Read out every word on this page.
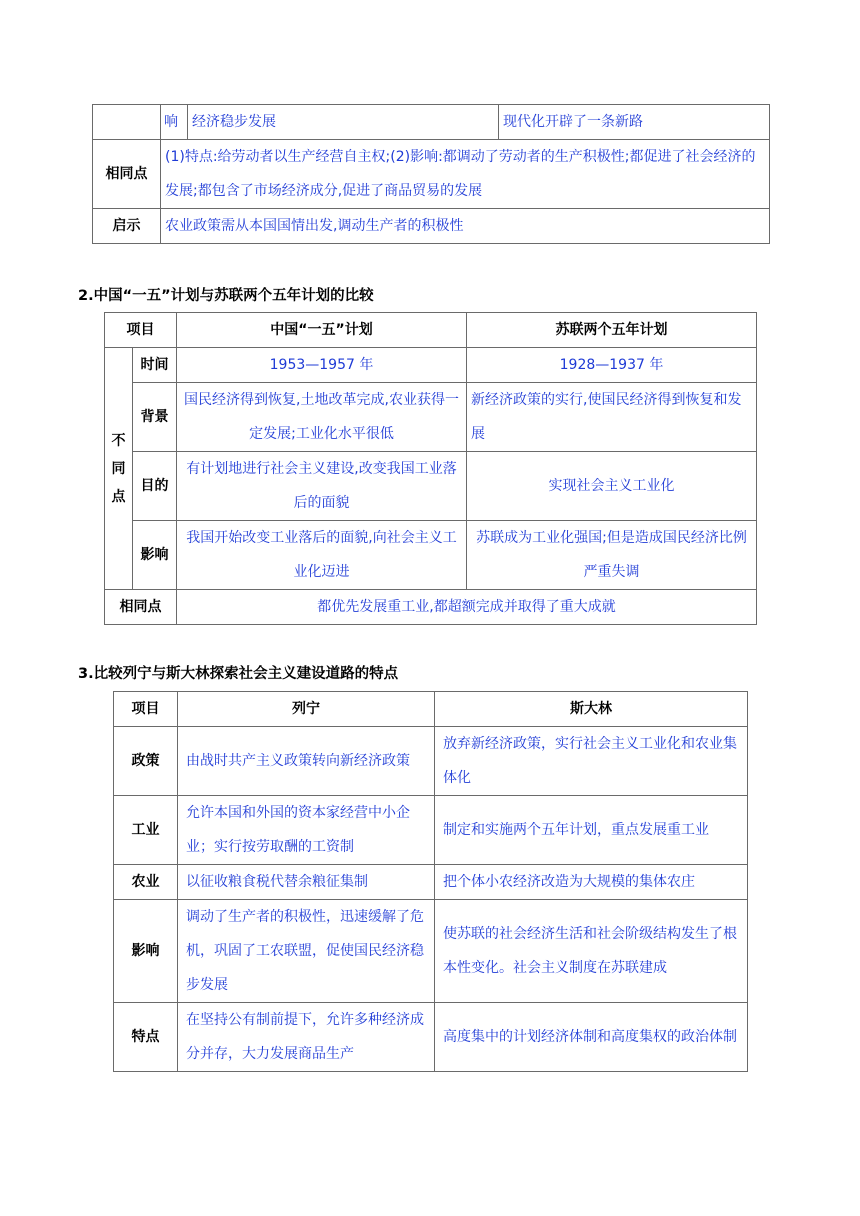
	响	经济稳步发展	现代化开辟了一条新路
相同点	(1)特点:给劳动者以生产经营自主权;(2)影响:都调动了劳动者的生产积极性;都促进了社会经济的发展;都包含了市场经济成分,促进了商品贸易的发展		
启示	农业政策需从本国国情出发,调动生产者的积极性		
2.中国“一五”计划与苏联两个五年计划的比较
项目		中国“一五”计划	苏联两个五年计划

不
同
点	时间	1953—1957 年	1928—1937 年
	背景	国民经济得到恢复,土地改革完成,农业获得一定发展;工业化水平很低	新经济政策的实行,使国民经济得到恢复和发展
	目的	有计划地进行社会主义建设,改变我国工业落后的面貌	实现社会主义工业化
	影响	我国开始改变工业落后的面貌,向社会主义工业化迈进	苏联成为工业化强国;但是造成国民经济比例严重失调
相同点		都优先发展重工业,都超额完成并取得了重大成就	
3.比较列宁与斯大林探索社会主义建设道路的特点
项目	列宁	斯大林
政策	由战时共产主义政策转向新经济政策	放弃新经济政策，实行社会主义工业化和农业集体化
工业	允许本国和外国的资本家经营中小企业；实行按劳取酬的工资制	制定和实施两个五年计划，重点发展重工业
农业	以征收粮食税代替余粮征集制	把个体小农经济改造为大规模的集体农庄
影响	调动了生产者的积极性，迅速缓解了危机，巩固了工农联盟，促使国民经济稳步发展	使苏联的社会经济生活和社会阶级结构发生了根本性变化。社会主义制度在苏联建成
特点	在坚持公有制前提下，允许多种经济成分并存，大力发展商品生产	高度集中的计划经济体制和高度集权的政治体制
